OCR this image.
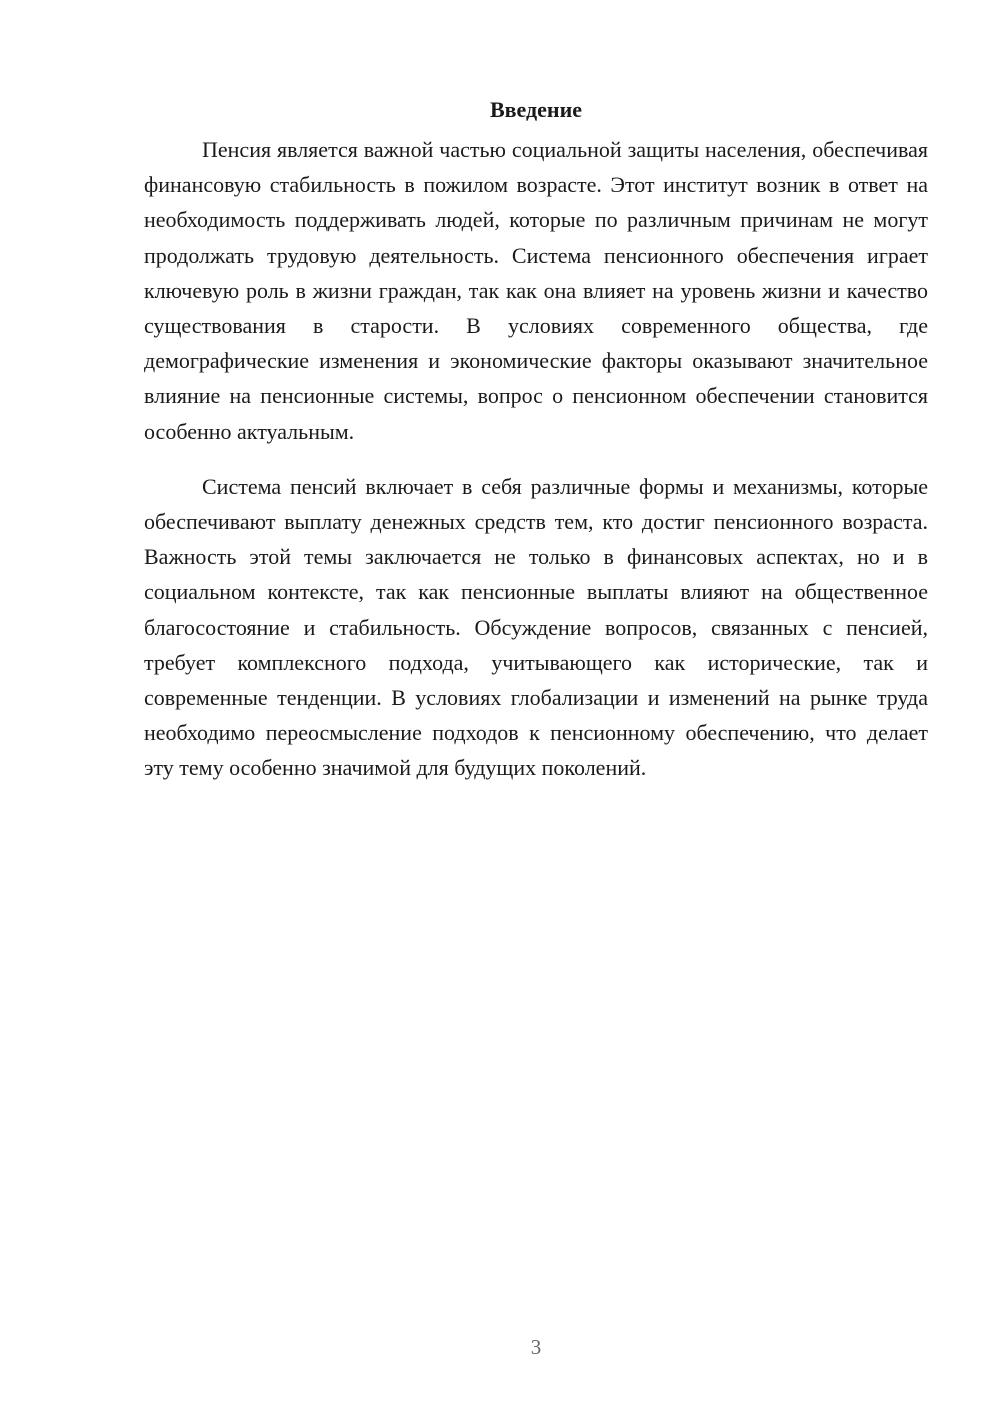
Введение

Пенсия является важной частью социальной защиты населения, обеспечивая финансовую стабильность в пожилом возрасте. Этот институт возник в ответ на необходимость поддерживать людей, которые по различным причинам не могут продолжать трудовую деятельность. Система пенсионного обеспечения играет ключевую роль в жизни граждан, так как она влияет на уровень жизни и качество существования в старости. В условиях современного общества, где демографические изменения и экономические факторы оказывают значительное влияние на пенсионные системы, вопрос о пенсионном обеспечении становится особенно актуальным.

Система пенсий включает в себя различные формы и механизмы, которые обеспечивают выплату денежных средств тем, кто достиг пенсионного возраста. Важность этой темы заключается не только в финансовых аспектах, но и в социальном контексте, так как пенсионные выплаты влияют на общественное благосостояние и стабильность. Обсуждение вопросов, связанных с пенсией, требует комплексного подхода, учитывающего как исторические, так и современные тенденции. В условиях глобализации и изменений на рынке труда необходимо переосмысление подходов к пенсионному обеспечению, что делает эту тему особенно значимой для будущих поколений.

3
